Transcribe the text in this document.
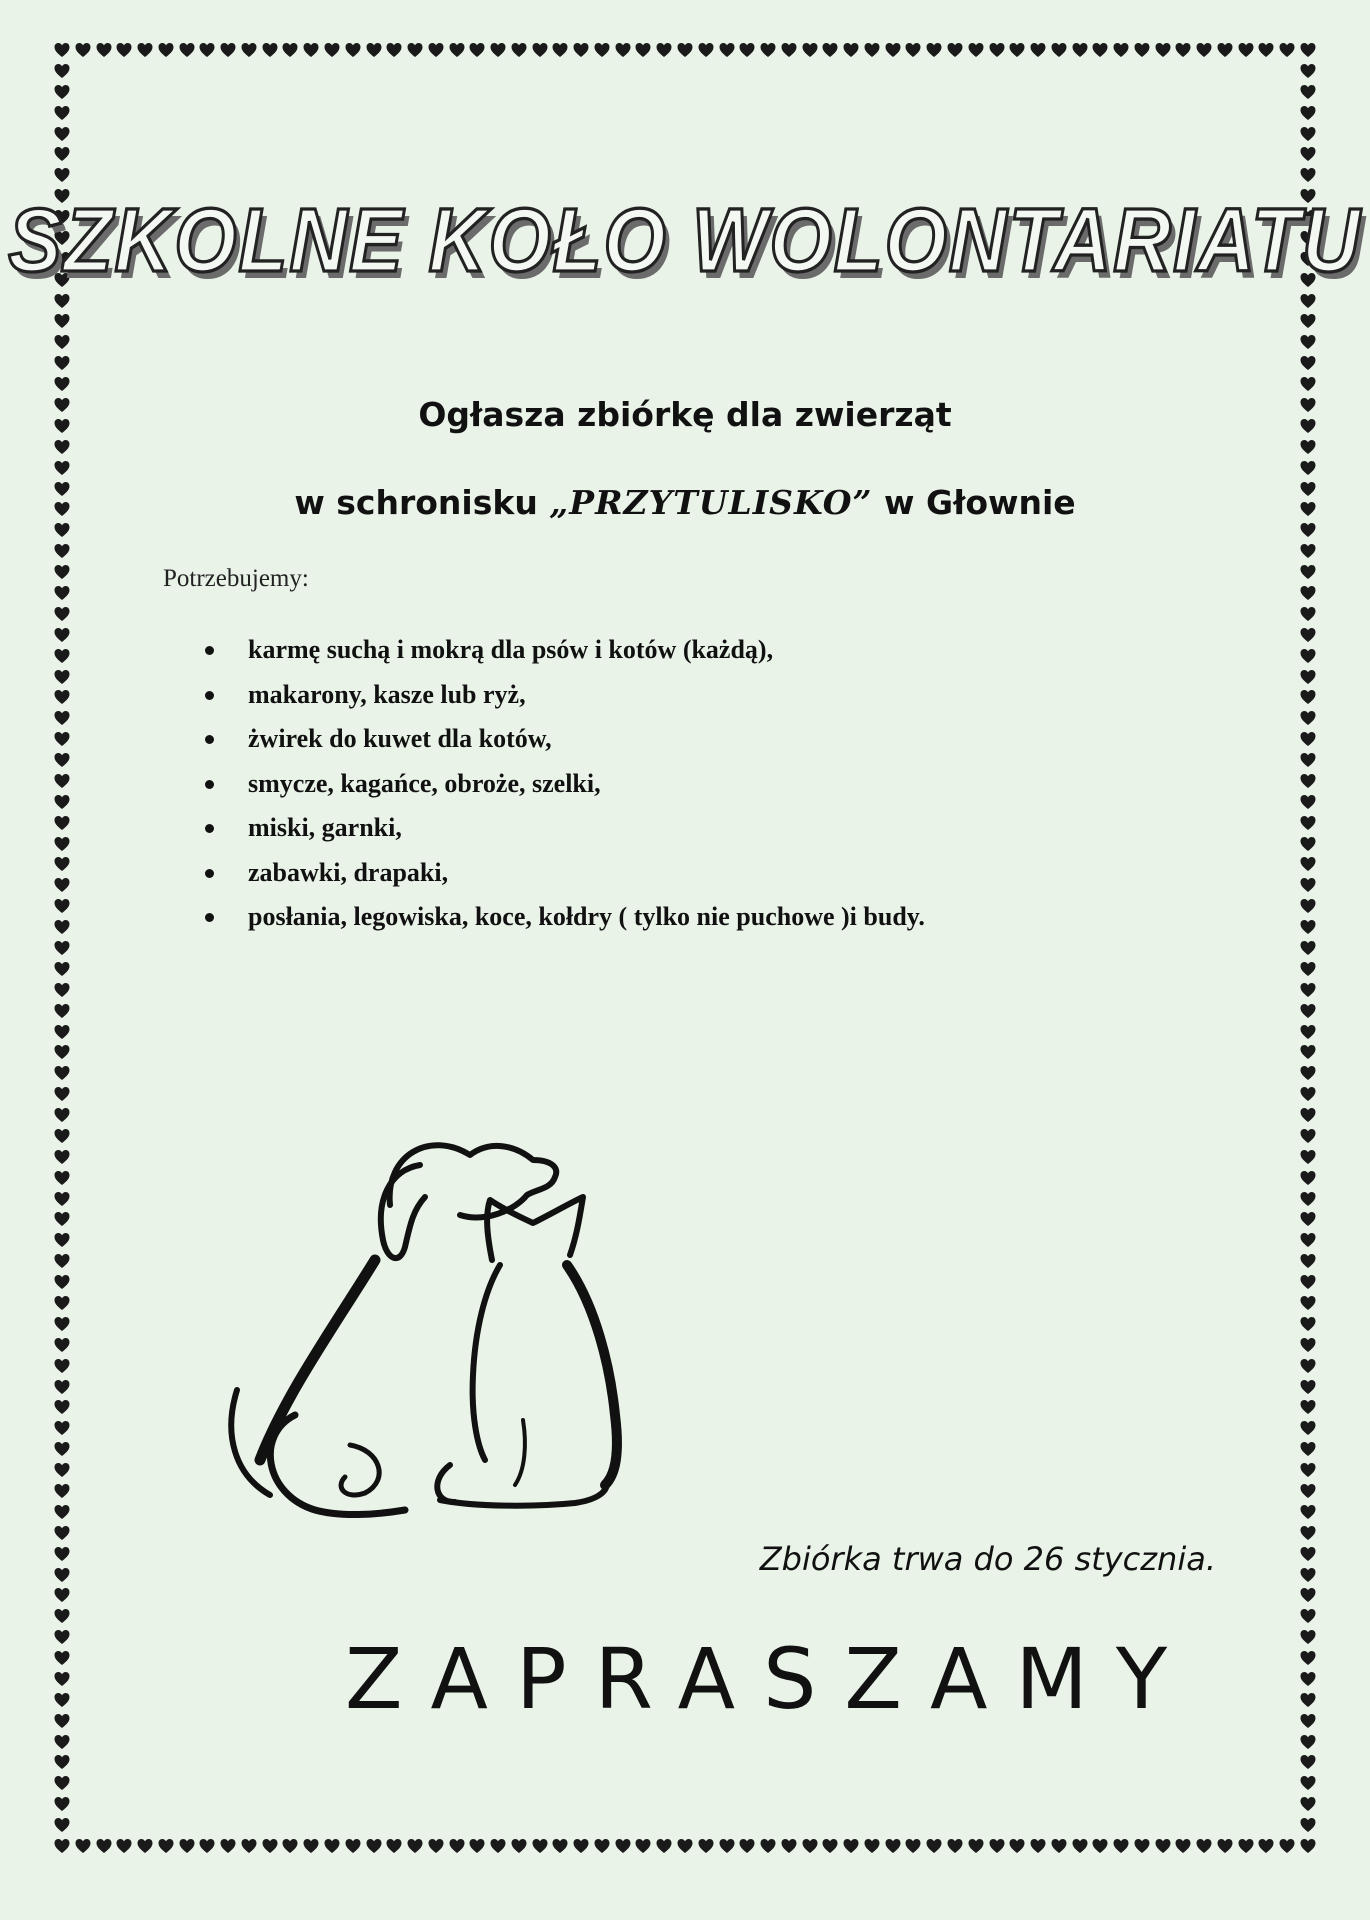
SZKOLNE KOŁO WOLONTARIATU
Ogłasza zbiórkę dla zwierząt
w schronisku „PRZYTULISKO” w Głownie
Potrzebujemy:
karmę suchą i mokrą dla psów i kotów (każdą),
makarony, kasze lub ryż,
żwirek do kuwet dla kotów,
smycze, kagańce, obroże, szelki,
miski, garnki,
zabawki, drapaki,
posłania, legowiska, koce, kołdry ( tylko nie puchowe )i budy.
Zbiórka trwa do 26 stycznia.
ZAPRASZAMY
